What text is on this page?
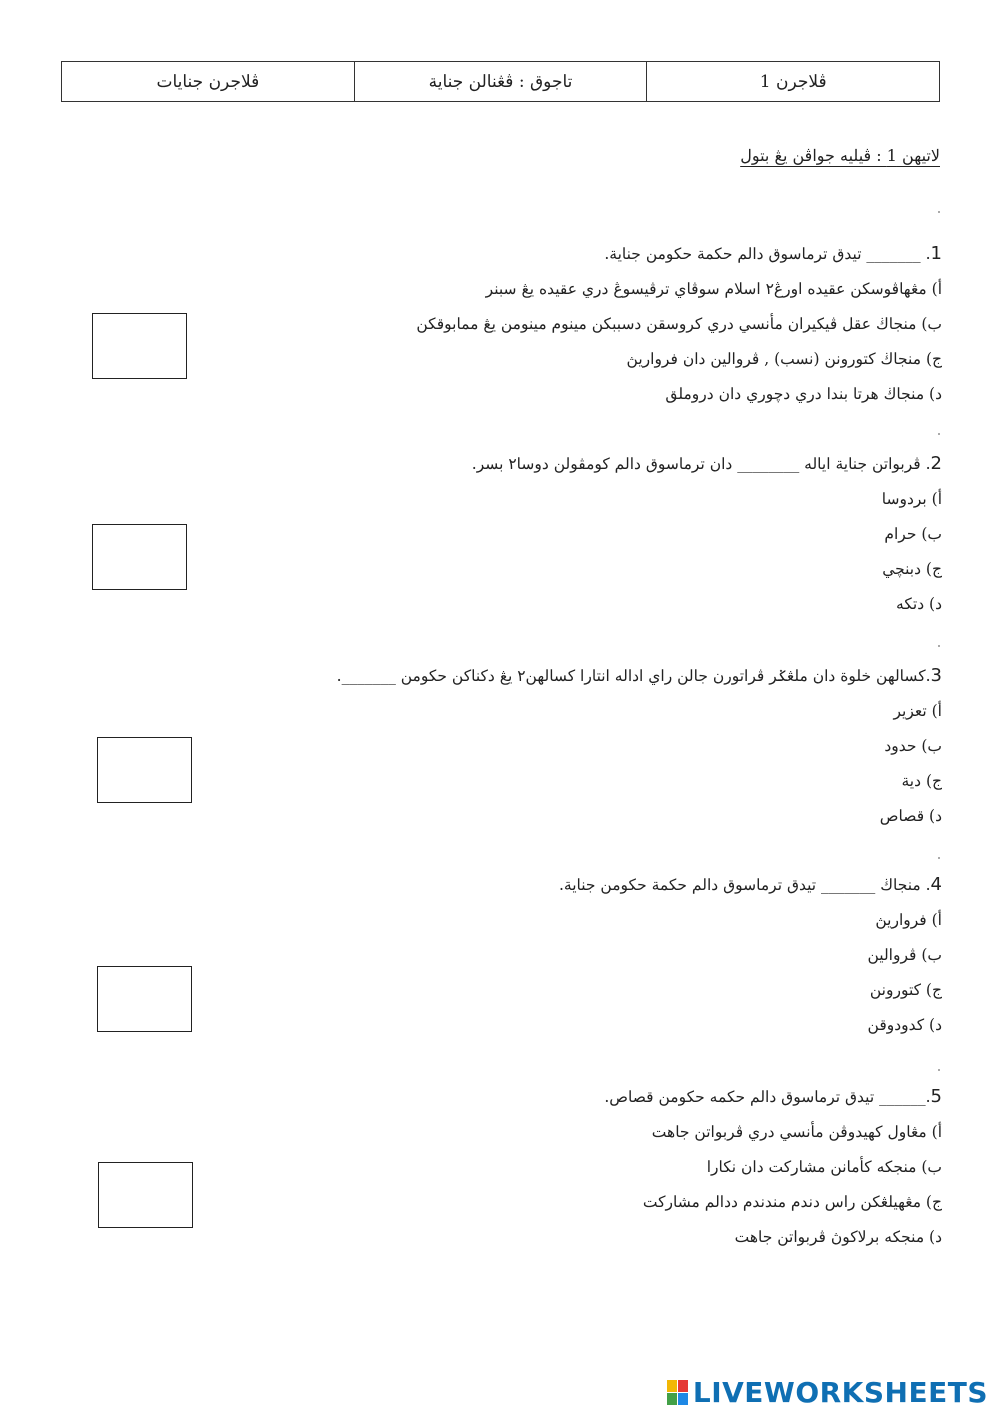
ڤلاجرن 1
تاجوق : ڤڠنالن جناية
ڤلاجرن جنايات
لاتيهن 1 : ڤيليه جواڤن يڠ بتول
1. _______ تيدق ترماسوق دالم حكمة حكومن جناية.
أ) مڠهاڤوسكن عقيده اورڠ٢ اسلام سوڤاي ترڤيسوڠ دري عقيده يڠ سبنر
ب) منجاڬ عقل ڤيكيران مأنسي دري كروسقن دسببكن مينوم مينومن يڠ ممابوقكن
ج) منجاڬ كتورونن (نسب) , ڤروالين دان فرواريڽ
د) منجاڬ هرتا بندا دري دچوري دان دروملق
2. ڤربواتن جناية اياله ________ دان ترماسوق دالم كومڤولن دوسا٢ بسر.
أ) بردوسا
ب) حرام
ج) دبنچي
د) دتكه
3.كسالهن خلوة دان ملڠݢر ڤراتورن جالن راي اداله انتارا كسالهن٢ يڠ دكناكن حكومن _______.
أ) تعزير
ب) حدود
ج) دية
د) قصاص
4. منجاڬ _______ تيدق ترماسوق دالم حكمة حكومن جناية.
أ) فرواريڽ
ب) ڤروالين
ج) كتورونن
د) كدودوقن
5.______ تيدق ترماسوق دالم حكمه حكومن قصاص.
أ) مڠاول كهيدوڤن مأنسي دري ڤربواتن جاهت
ب) منجكه كأمانن مشاركت دان نكارا
ج) مڠهيلڠكن راس دندم مندندم ددالم مشاركت
د) منجكه برلاكوڽ ڤربواتن جاهت
LIVEWORKSHEETS
